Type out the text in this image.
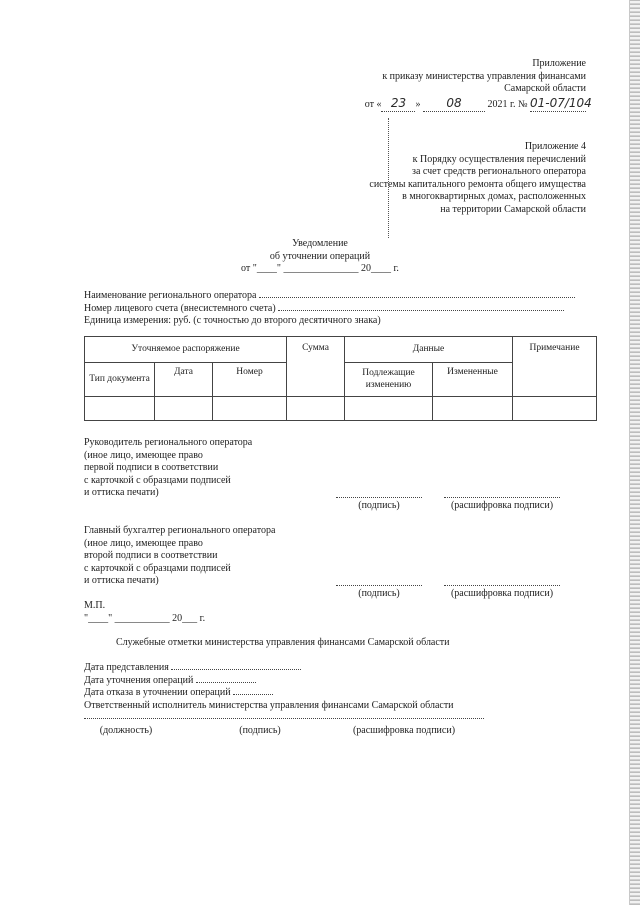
Приложение
к приказу министерства управления финансами
Самарской области
от « 23 » 08	2021 г. № 01-07/104
Приложение 4
к Порядку осуществления перечислений
за счет средств регионального оператора
системы капитального ремонта общего имущества
в многоквартирных домах, расположенных
на территории Самарской области
Уведомление
об уточнении операций
от "____" _______________ 20____ г.
Наименование регионального оператора
Номер лицевого счета (внесистемного счета)
Единица измерения: руб. (с точностью до второго десятичного знака)
Уточняемое распоряжение			Сумма	Данные		Примечание
Тип документа	Дата	Номер		Подлежащие изменению	Измененные	

Руководитель регионального оператора
(иное лицо, имеющее право
первой подписи в соответствии
с карточкой с образцами подписей
и оттиска печати)
(подпись)	(расшифровка подписи)
Главный бухгалтер регионального оператора
(иное лицо, имеющее право
второй подписи в соответствии
с карточкой с образцами подписей
и оттиска печати)
(подпись)	(расшифровка подписи)
М.П.
"____" ___________ 20___ г.
Служебные отметки министерства управления финансами Самарской области
Дата представления
Дата уточнения операций
Дата отказа в уточнении операций
Ответственный исполнитель министерства управления финансами Самарской области
(должность)	(подпись)	(расшифровка подписи)
